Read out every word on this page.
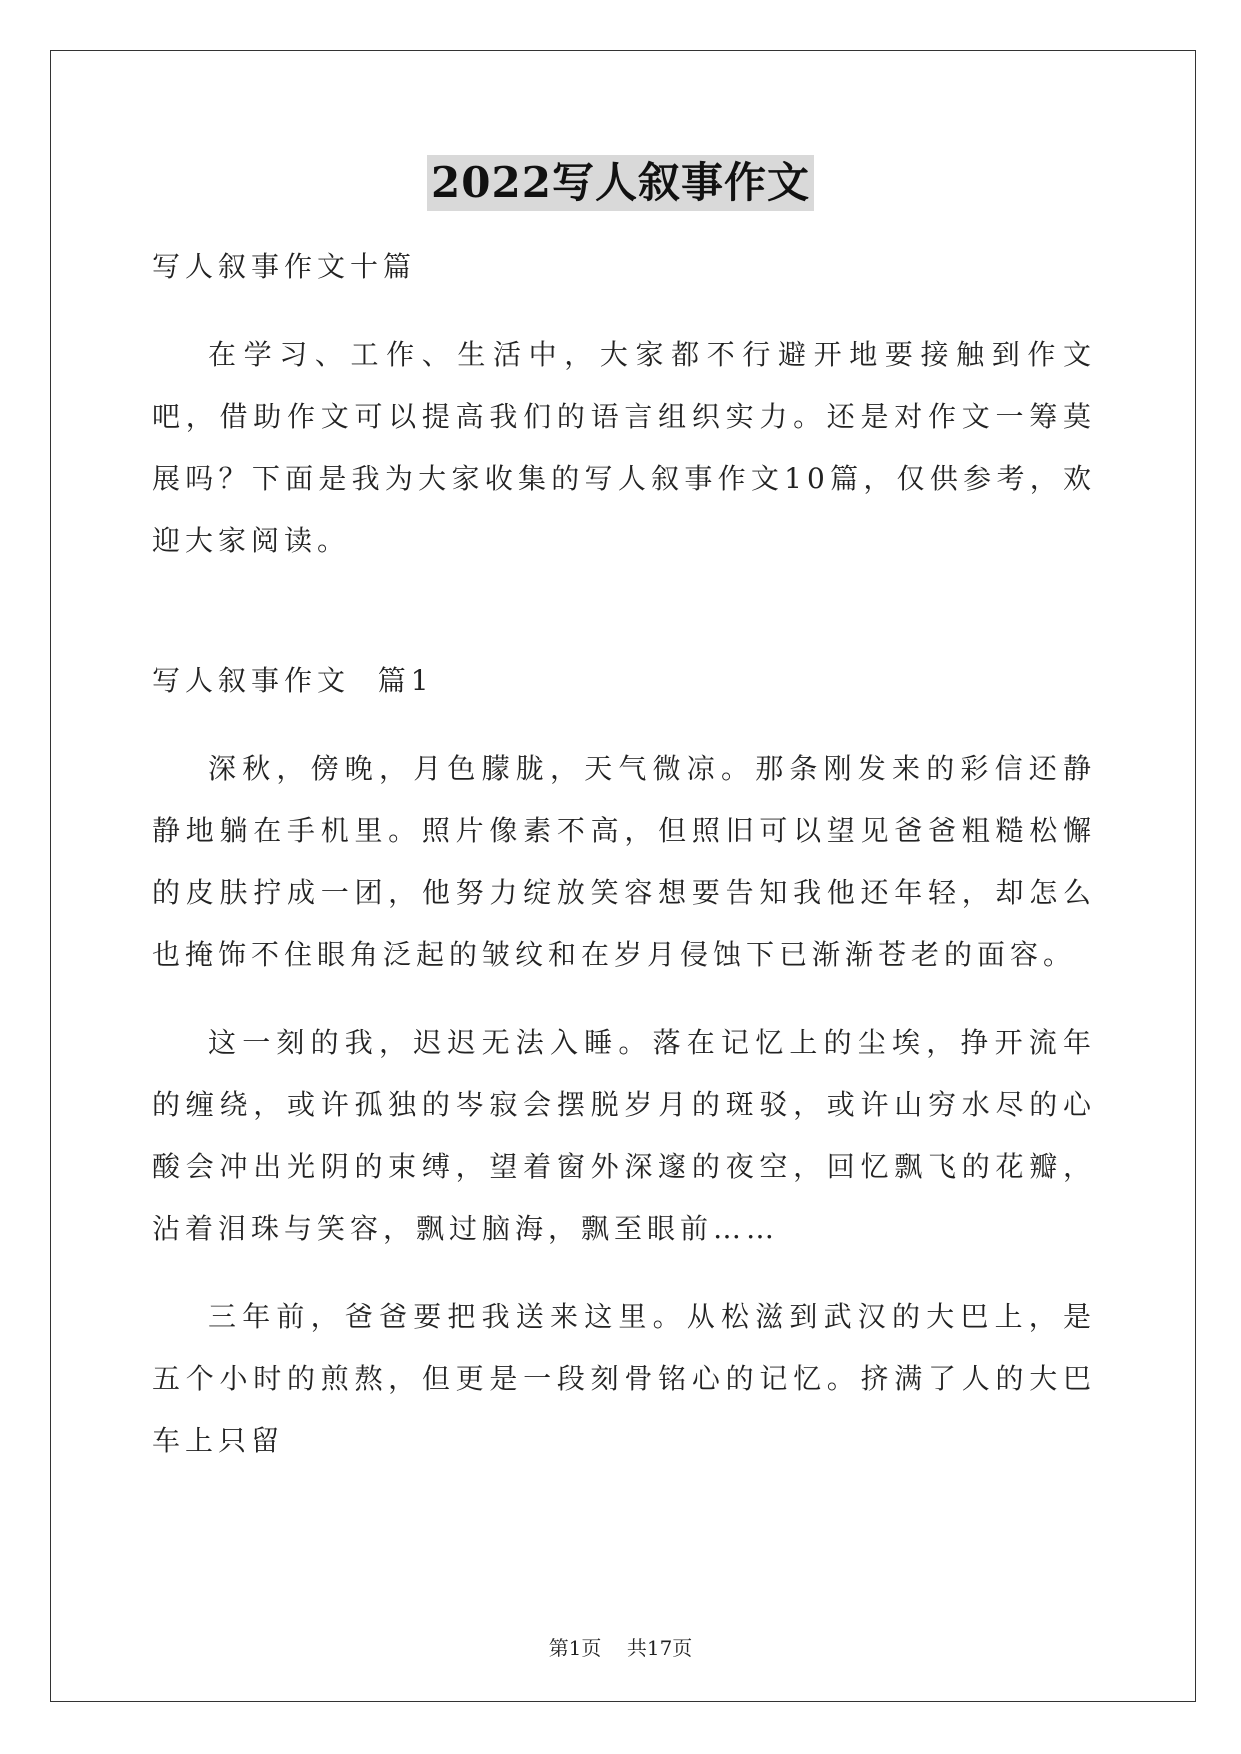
2022写人叙事作文

写人叙事作文十篇

在学习、工作、生活中，大家都不行避开地要接触到作文吧，借助作文可以提高我们的语言组织实力。还是对作文一筹莫展吗？下面是我为大家收集的写人叙事作文10篇，仅供参考，欢迎大家阅读。

写人叙事作文  篇1

深秋，傍晚，月色朦胧，天气微凉。那条刚发来的彩信还静静地躺在手机里。照片像素不高，但照旧可以望见爸爸粗糙松懈的皮肤拧成一团，他努力绽放笑容想要告知我他还年轻，却怎么也掩饰不住眼角泛起的皱纹和在岁月侵蚀下已渐渐苍老的面容。

这一刻的我，迟迟无法入睡。落在记忆上的尘埃，挣开流年的缠绕，或许孤独的岑寂会摆脱岁月的斑驳，或许山穷水尽的心酸会冲出光阴的束缚，望着窗外深邃的夜空，回忆飘飞的花瓣，沾着泪珠与笑容，飘过脑海，飘至眼前……

三年前，爸爸要把我送来这里。从松滋到武汉的大巴上，是五个小时的煎熬，但更是一段刻骨铭心的记忆。挤满了人的大巴车上只留

第1页    共17页
